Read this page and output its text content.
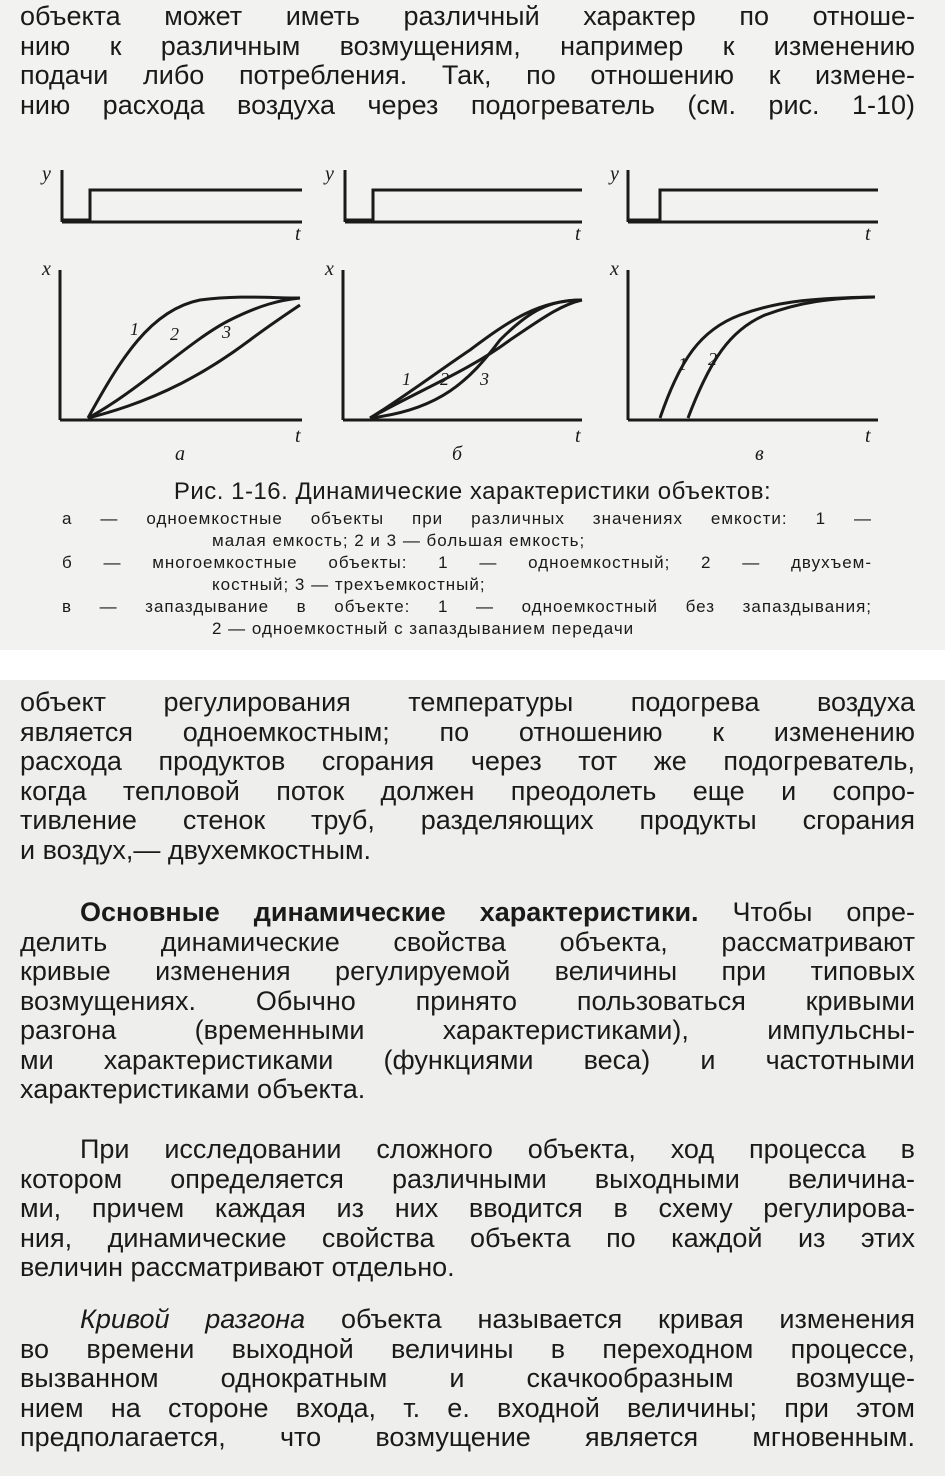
объекта может иметь различный характер по отноше-
нию к различным возмущениям, например к изменению
подачи либо потребления. Так, по отношению к измене-
нию расхода воздуха через подогреватель (см. рис. 1-10)
y
t
x
t
1 2 3
а
y
t
x
t
1 2 3
б
y
t
x
t
1 2
в
Рис. 1-16. Динамические характеристики объектов:
а — одноемкостные объекты при различных значениях емкости: 1 —
малая емкость; 2 и 3 — большая емкость;
б — многоемкостные объекты: 1 — одноемкостный; 2 — двухъем-
костный; 3 — трехъемкостный;
в — запаздывание в объекте: 1 — одноемкостный без запаздывания;
2 — одноемкостный с запаздыванием передачи
объект регулирования температуры подогрева воздуха
является одноемкостным; по отношению к изменению
расхода продуктов сгорания через тот же подогреватель,
когда тепловой поток должен преодолеть еще и сопро-
тивление стенок труб, разделяющих продукты сгорания
и воздух,— двухемкостным.
Основные динамические характеристики. Чтобы опре-
делить динамические свойства объекта, рассматривают
кривые изменения регулируемой величины при типовых
возмущениях. Обычно принято пользоваться кривыми
разгона (временными характеристиками), импульсны-
ми характеристиками (функциями веса) и частотными
характеристиками объекта.
При исследовании сложного объекта, ход процесса в
котором определяется различными выходными величина-
ми, причем каждая из них вводится в схему регулирова-
ния, динамические свойства объекта по каждой из этих
величин рассматривают отдельно.
Кривой разгона объекта называется кривая изменения
во времени выходной величины в переходном процессе,
вызванном однократным и скачкообразным возмуще-
нием на стороне входа, т. е. входной величины; при этом
предполагается, что возмущение является мгновенным.
